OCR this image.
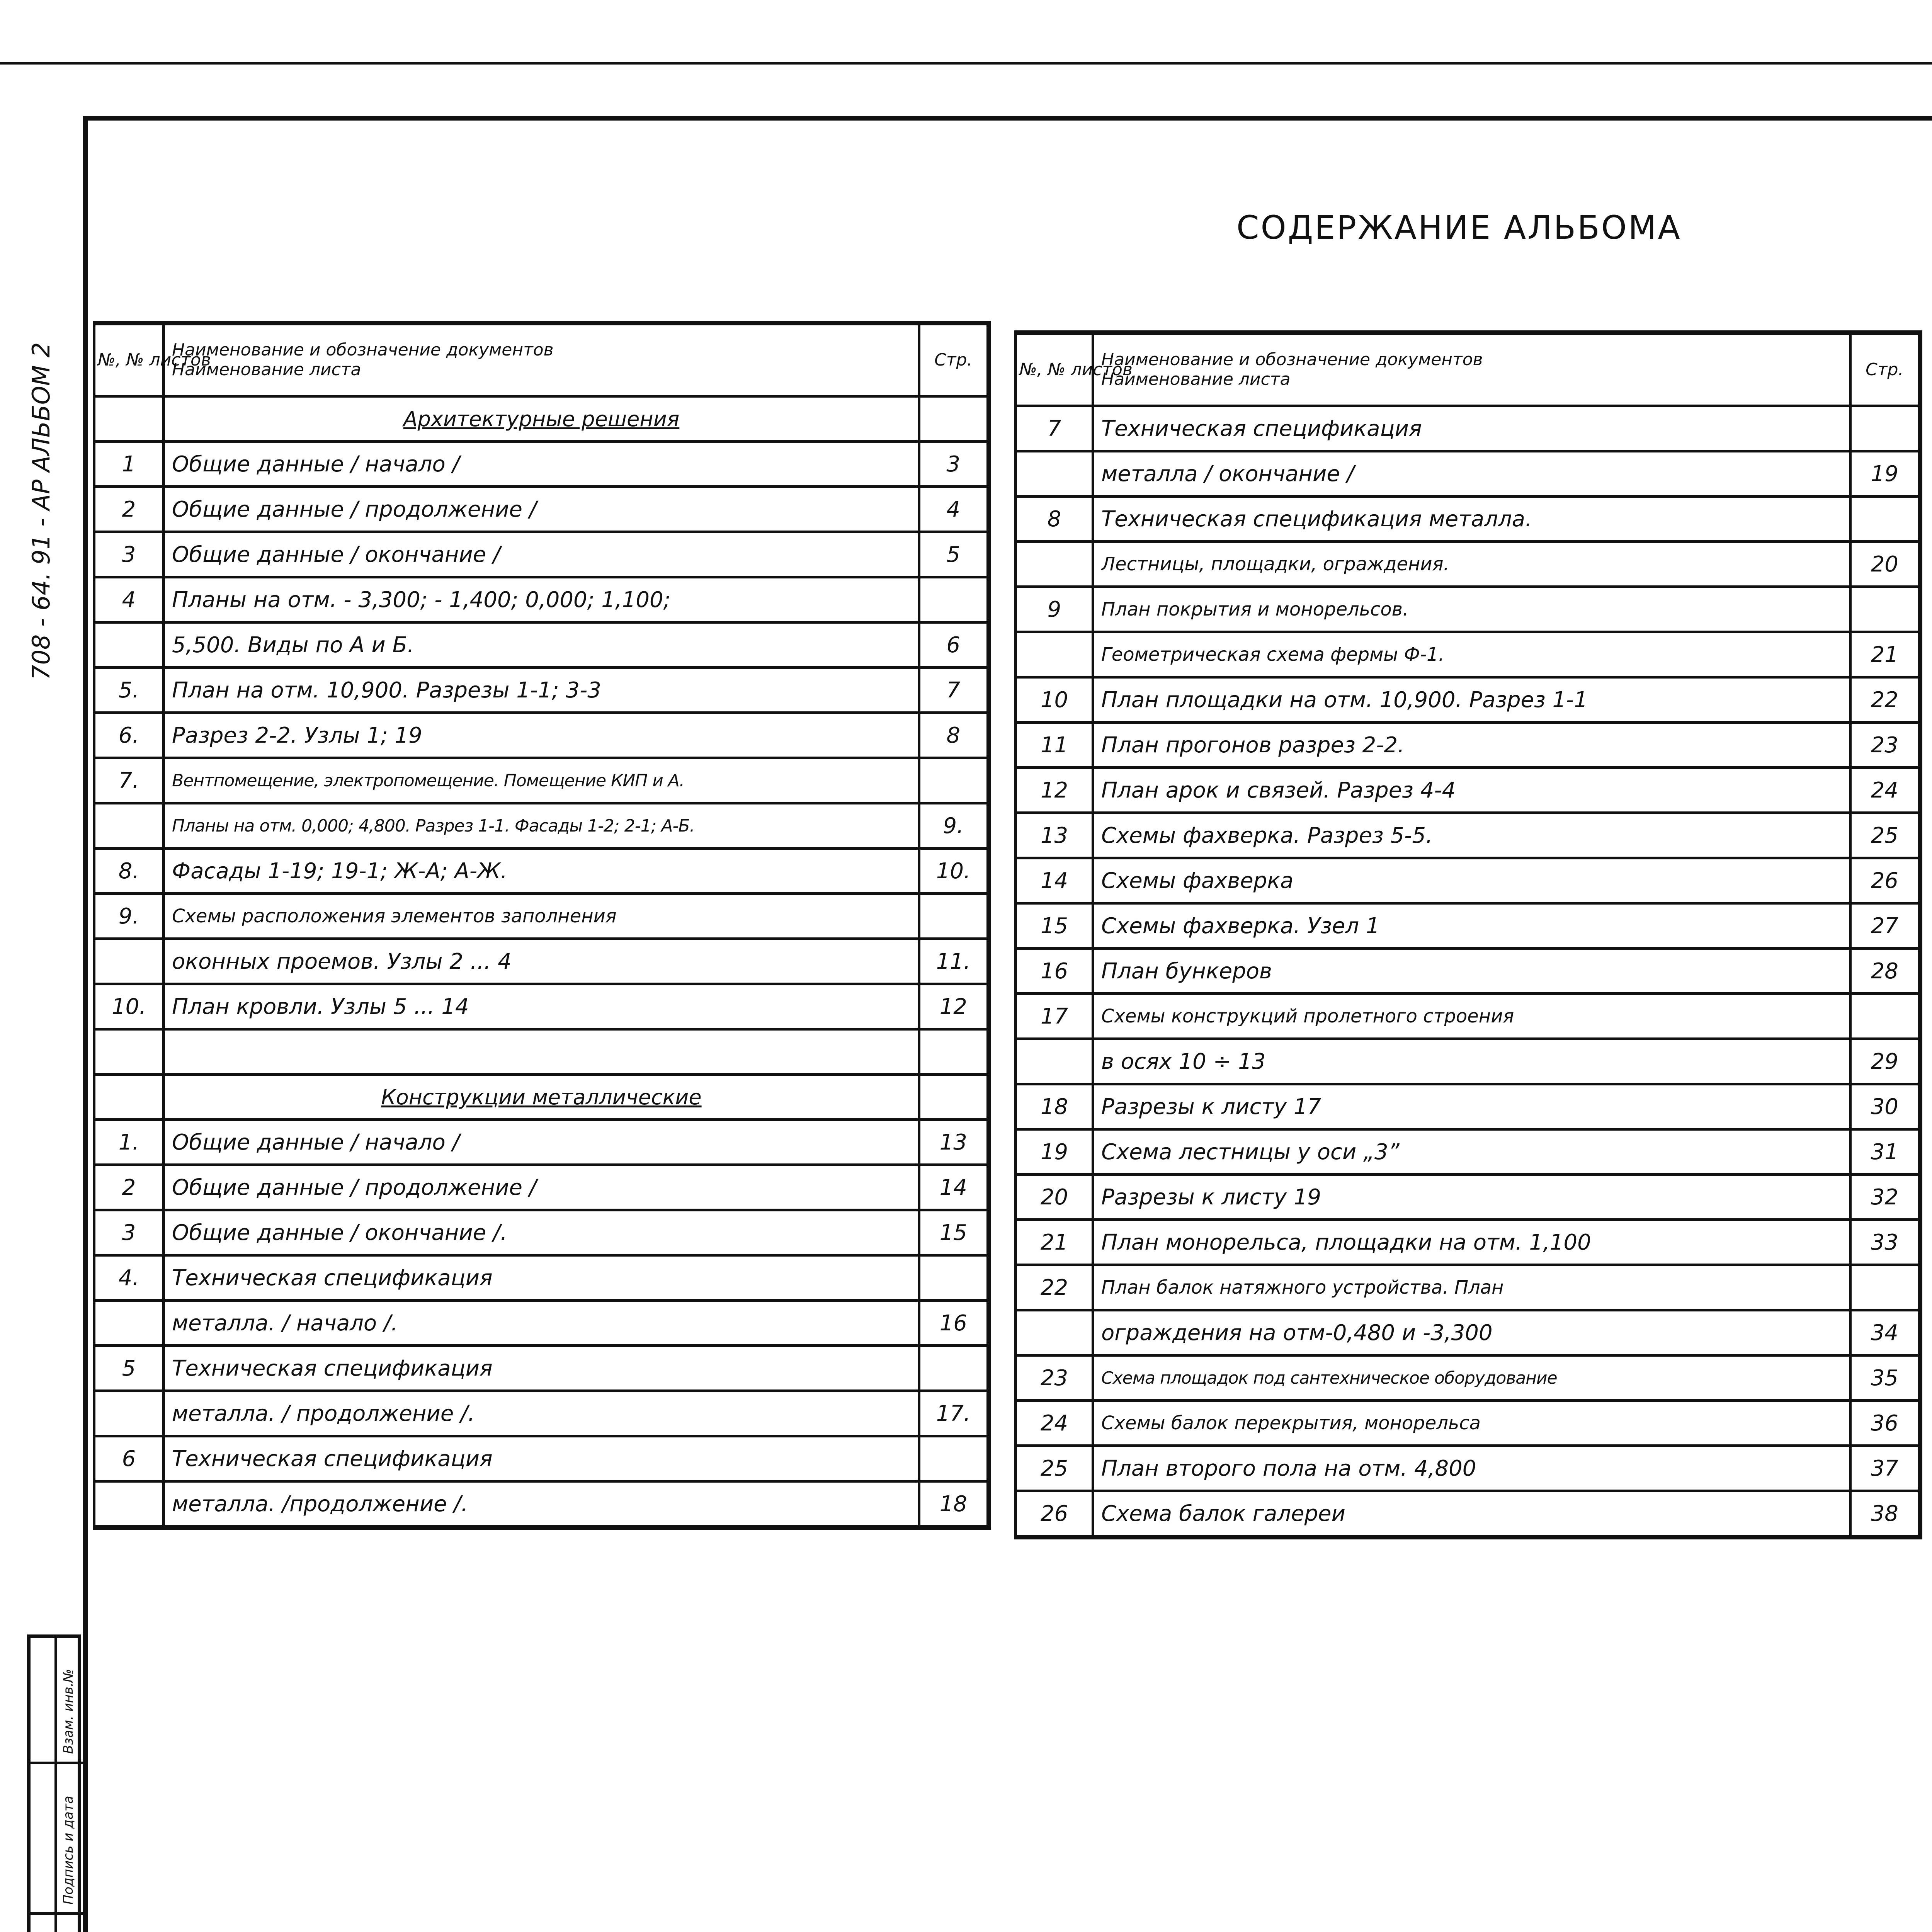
СОДЕРЖАНИЕ АЛЬБОМА
708 - 64. 91 - АР АЛЬБОМ 2
Взам. инв.№
Подпись и дата
№, № листов	Наименование и обозначение документов
Наименование листа	Стр.
	Архитектурные решения	
1	Общие данные / начало /	3
2	Общие данные / продолжение /	4
3	Общие данные / окончание /	5
4	Планы на отм. - 3,300; - 1,400; 0,000; 1,100;	
	5,500. Виды по А и Б.	6
5.	План на отм. 10,900. Разрезы 1-1; 3-3	7
6.	Разрез 2-2. Узлы 1; 19	8
7.	Вентпомещение, электропомещение. Помещение КИП и А.	
	Планы на отм. 0,000; 4,800. Разрез 1-1. Фасады 1-2; 2-1; А-Б.	9.
8.	Фасады 1-19; 19-1; Ж-А; А-Ж.	10.
9.	Схемы расположения элементов заполнения	
	оконных проемов. Узлы 2 ... 4	11.
10.	План кровли. Узлы 5 ... 14	12

	Конструкции металлические	
1.	Общие данные / начало /	13
2	Общие данные / продолжение /	14
3	Общие данные / окончание /.	15
4.	Техническая спецификация	
	металла. / начало /.	16
5	Техническая спецификация	
	металла. / продолжение /.	17.
6	Техническая спецификация	
	металла. /продолжение /.	18
№, № листов	Наименование и обозначение документов
Наименование листа	Стр.
7	Техническая спецификация	
	металла / окончание /	19
8	Техническая спецификация металла.	
	Лестницы, площадки, ограждения.	20
9	План покрытия и монорельсов.	
	Геометрическая схема фермы Ф-1.	21
10	План площадки на отм. 10,900. Разрез 1-1	22
11	План прогонов разрез 2-2.	23
12	План арок и связей. Разрез 4-4	24
13	Схемы фахверка. Разрез 5-5.	25
14	Схемы фахверка	26
15	Схемы фахверка. Узел 1	27
16	План бункеров	28
17	Схемы конструкций пролетного строения	
	в осях 10 ÷ 13	29
18	Разрезы к листу 17	30
19	Схема лестницы у оси „3”	31
20	Разрезы к листу 19	32
21	План монорельса, площадки на отм. 1,100	33
22	План балок натяжного устройства. План	
	ограждения на отм-0,480 и -3,300	34
23	Схема площадок под сантехническое оборудование	35
24	Схемы балок перекрытия, монорельса	36
25	План второго пола на отм. 4,800	37
26	Схема балок галереи	38
